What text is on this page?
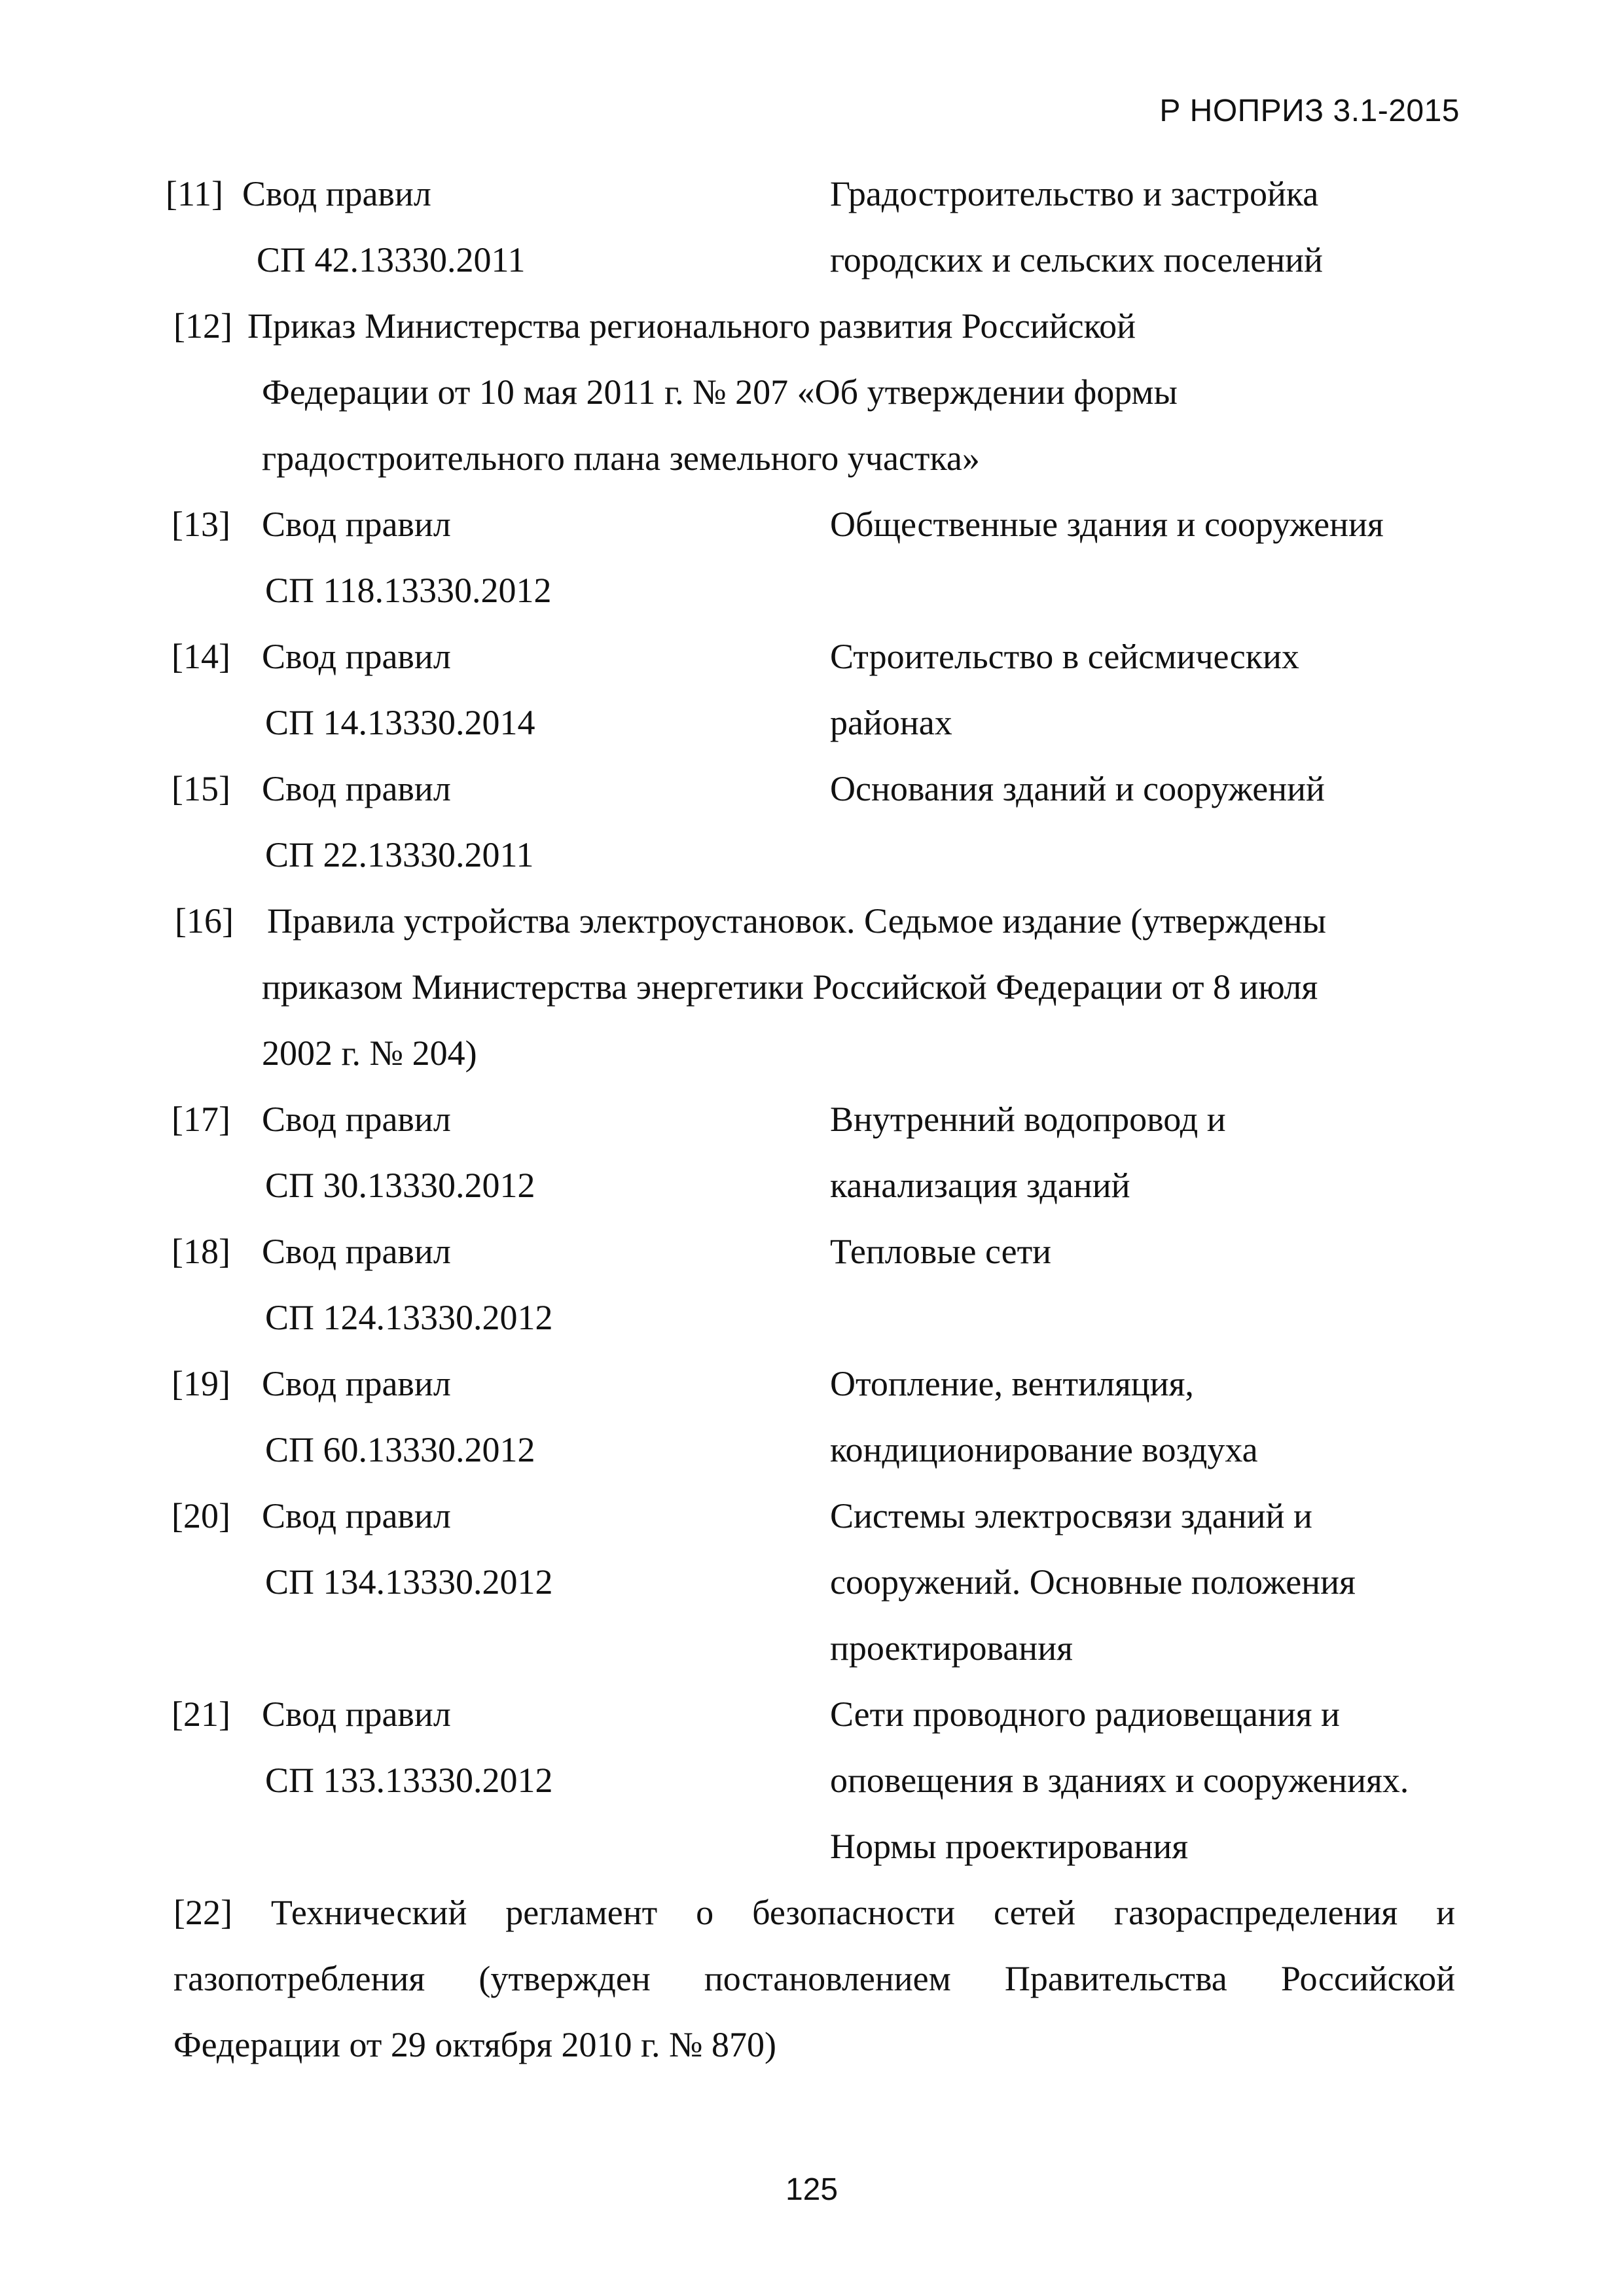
Р НОПРИЗ 3.1-2015
[11] Свод правил
СП 42.13330.2011
Градостроительство и застройка
городских и сельских поселений
[12] Приказ Министерства регионального развития Российской
Федерации от 10 мая 2011 г. № 207 «Об утверждении формы
градостроительного плана земельного участка»
[13] Свод правил
СП 118.13330.2012
Общественные здания и сооружения
[14] Свод правил
СП 14.13330.2014
Строительство в сейсмических
районах
[15] Свод правил
СП 22.13330.2011
Основания зданий и сооружений
[16] Правила устройства электроустановок. Седьмое издание (утверждены
приказом Министерства энергетики Российской Федерации от 8 июля
2002 г. № 204)
[17] Свод правил
СП 30.13330.2012
Внутренний водопровод и
канализация зданий
[18] Свод правил
СП 124.13330.2012
Тепловые сети
[19] Свод правил
СП 60.13330.2012
Отопление, вентиляция,
кондиционирование воздуха
[20] Свод правил
СП 134.13330.2012
Системы электросвязи зданий и
сооружений. Основные положения
проектирования
[21] Свод правил
СП 133.13330.2012
Сети проводного радиовещания и
оповещения в зданиях и сооружениях.
Нормы проектирования
[22] Технический регламент о безопасности сетей газораспределения и
газопотребления (утвержден постановлением Правительства Российской
Федерации от 29 октября 2010 г. № 870)
125
